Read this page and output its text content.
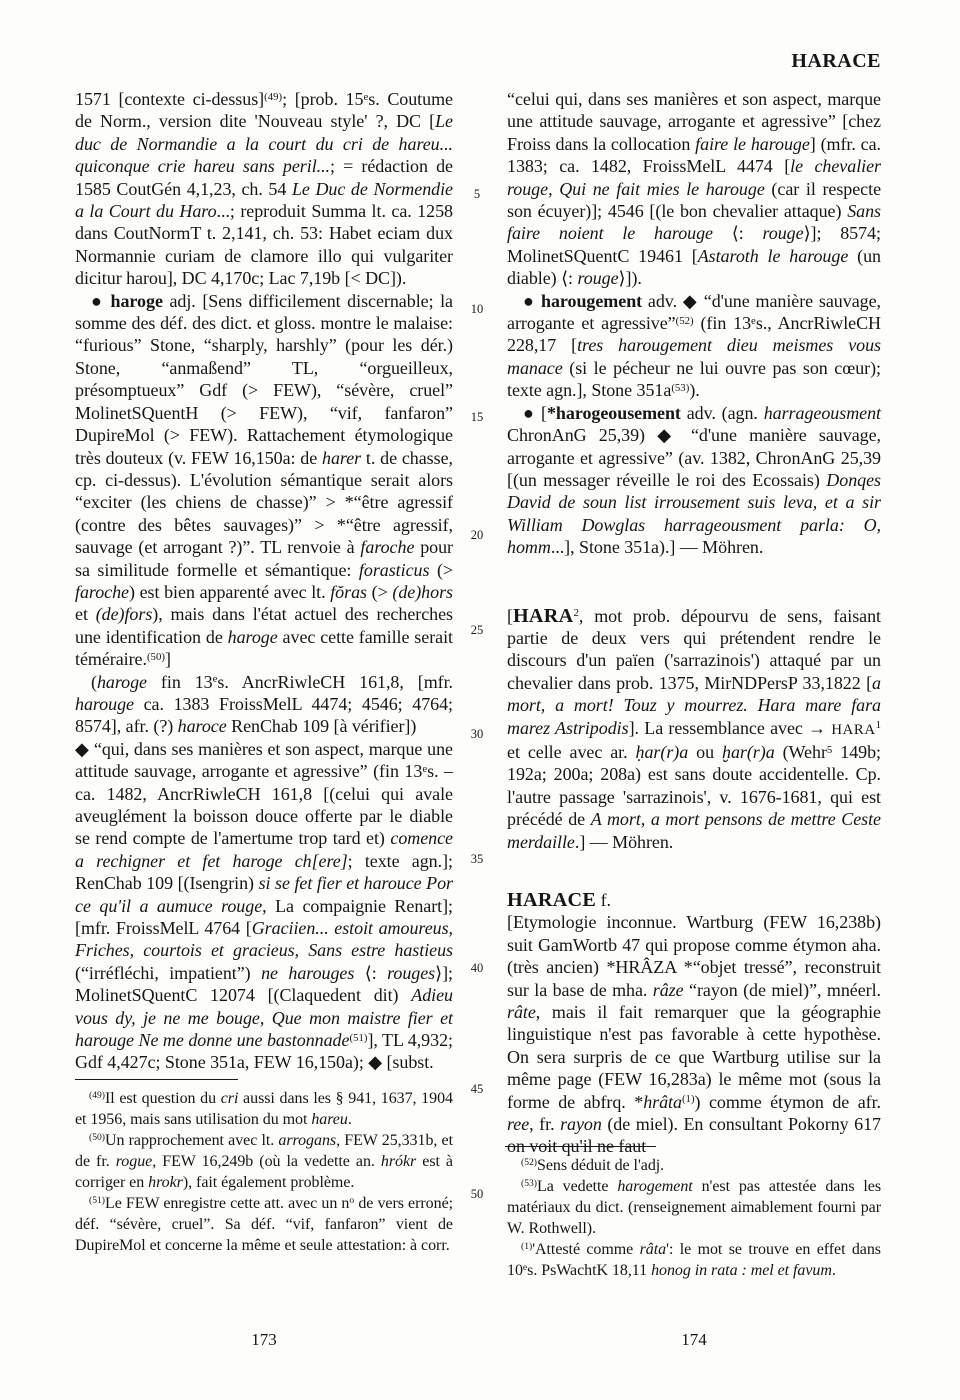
HARACE
5
10
15
20
25
30
35
40
45
50

1571 [contexte ci-dessus]$^{(49)}$; [prob. 15es. Coutume de Norm., version dite 'Nouveau style' ?, DC [Le duc de Normandie a la court du cri de hareu... quiconque crie hareu sans peril...; = rédaction de 1585 CoutGén 4,1,23, ch. 54 Le Duc de Normendie a la Court du Haro...; reproduit Summa lt. ca. 1258 dans CoutNormT t. 2,141, ch. 53: Habet eciam dux Normannie curiam de clamore illo qui vulgariter dicitur harou], DC 4,170c; Lac 7,19b [< DC]).

● haroge adj. [Sens difficilement discernable; la somme des déf. des dict. et gloss. montre le malaise: “furious” Stone, “sharply, harshly” (pour les dér.) Stone, “anmaßend” TL, “orgueilleux, présomptueux” Gdf (> FEW), “sévère, cruel” MolinetSQuentH (> FEW), “vif, fanfaron” DupireMol (> FEW). Rattachement étymologique très douteux (v. FEW 16,150a: de harer t. de chasse, cp. ci-dessus). L'évolution sémantique serait alors “exciter (les chiens de chasse)” > *“être agressif (contre des bêtes sauvages)” > *“être agressif, sauvage (et arrogant ?)”. TL renvoie à faroche pour sa similitude formelle et sémantique: forasticus (> faroche) est bien apparenté avec lt. fŏras (> (de)hors et (de)fors), mais dans l'état actuel des recherches une identification de haroge avec cette famille serait téméraire.$^{(50)}$]

(haroge fin 13es. AncrRiwleCH 161,8, [mfr. harouge ca. 1383 FroissMelL 4474; 4546; 4764; 8574], afr. (?) haroce RenChab 109 [à vérifier])

◆ “qui, dans ses manières et son aspect, marque une attitude sauvage, arrogante et agressive” (fin 13es. – ca. 1482, AncrRiwleCH 161,8 [(celui qui avale aveuglément la boisson douce offerte par le diable se rend compte de l'amertume trop tard et) comence a rechigner et fet haroge ch[ere]; texte agn.]; RenChab 109 [(Isengrin) si se fet fier et harouce Por ce qu'il a aumuce rouge, La compaignie Renart]; [mfr. FroissMelL 4764 [Graciien... estoit amoureus, Friches, courtois et gracieus, Sans estre hastieus (“irréfléchi, impatient”) ne harouges ⟨: rouges⟩]; MolinetSQuentC 12074 [(Claquedent dit) Adieu vous dy, je ne me bouge, Que mon maistre fier et harouge Ne me donne une bastonnade$^{(51)}$], TL 4,932; Gdf 4,427c; Stone 351a, FEW 16,150a); ◆ [subst.

“celui qui, dans ses manières et son aspect, marque une attitude sauvage, arrogante et agressive” [chez Froiss dans la collocation faire le harouge] (mfr. ca. 1383; ca. 1482, FroissMelL 4474 [le chevalier rouge, Qui ne fait mies le harouge (car il respecte son écuyer)]; 4546 [(le bon chevalier attaque) Sans faire noient le harouge ⟨: rouge⟩]; 8574; MolinetSQuentC 19461 [Astaroth le harouge (un diable) ⟨: rouge⟩]).

● harougement adv. ◆ “d'une manière sauvage, arrogante et agressive”$^{(52)}$ (fin 13es., AncrRiwleCH 228,17 [tres harougement dieu meismes vous manace (si le pécheur ne lui ouvre pas son cœur); texte agn.], Stone $351a^{(53)}$).

● [*harogeousement adv. (agn. harrageousment ChronAnG 25,39) ◆ “d'une manière sauvage, arrogante et agressive” (av. 1382, ChronAnG 25,39 [(un messager réveille le roi des Ecossais) Donqes David de soun list irrousement suis leva, et a sir William Dowglas harrageousment parla: O, homm...], Stone 351a).] — Möhren.

[HARA$^2$, mot prob. dépourvu de sens, faisant partie de deux vers qui prétendent rendre le discours d'un païen ('sarrazinois') attaqué par un chevalier dans prob. 1375, MirNDPersP 33,1822 [a mort, a mort! Touz y mourrez. Hara mare fara marez Astripodis]. La ressemblance avec → $HARA^1$ et celle avec ar. ḥar(r)a ou ḫar(r)a (Wehr$^5$ 149b; 192a; 200a; 208a) est sans doute accidentelle. Cp. l'autre passage 'sarrazinois', v. 1676-1681, qui est précédé de A mort, a mort pensons de mettre Ceste merdaille.] — Möhren.

HARACE f.

[Etymologie inconnue. Wartburg (FEW 16,238b) suit GamWortb 47 qui propose comme étymon aha. (très ancien) *HRÂZA *“objet tressé”, reconstruit sur la base de mha. râze “rayon (de miel)”, mnéerl. râte, mais il fait remarquer que la géographie linguistique n'est pas favorable à cette hypothèse. On sera surpris de ce que Wartburg utilise sur la même page (FEW 16,283a) le même mot (sous la forme de abfrq. *hrâta$^{(1)}$) comme étymon de afr. ree, fr. rayon (de miel). En consultant Pokorny 617 on voit qu'il ne faut

$^{(49)}$Il est question du cri aussi dans les § 941, 1637, 1904 et 1956, mais sans utilisation du mot hareu.

$^{(50)}$Un rapprochement avec lt. arrogans, FEW 25,331b, et de fr. rogue, FEW 16,249b (où la vedette an. hrókr est à corriger en hrokr), fait également problème.

$^{(51)}$Le FEW enregistre cette att. avec un $n^o$ de vers erroné; déf. “sévère, cruel”. Sa déf. “vif, fanfaron” vient de DupireMol et concerne la même et seule attestation: à corr.

$^{(52)}$Sens déduit de l'adj.

$^{(53)}$La vedette harogement n'est pas attestée dans les matériaux du dict. (renseignement aimablement fourni par W. Rothwell).

$^{(1)}$'Attesté comme râta': le mot se trouve en effet dans 10es. PsWachtK 18,11 honog in rata : mel et favum.

173	174
